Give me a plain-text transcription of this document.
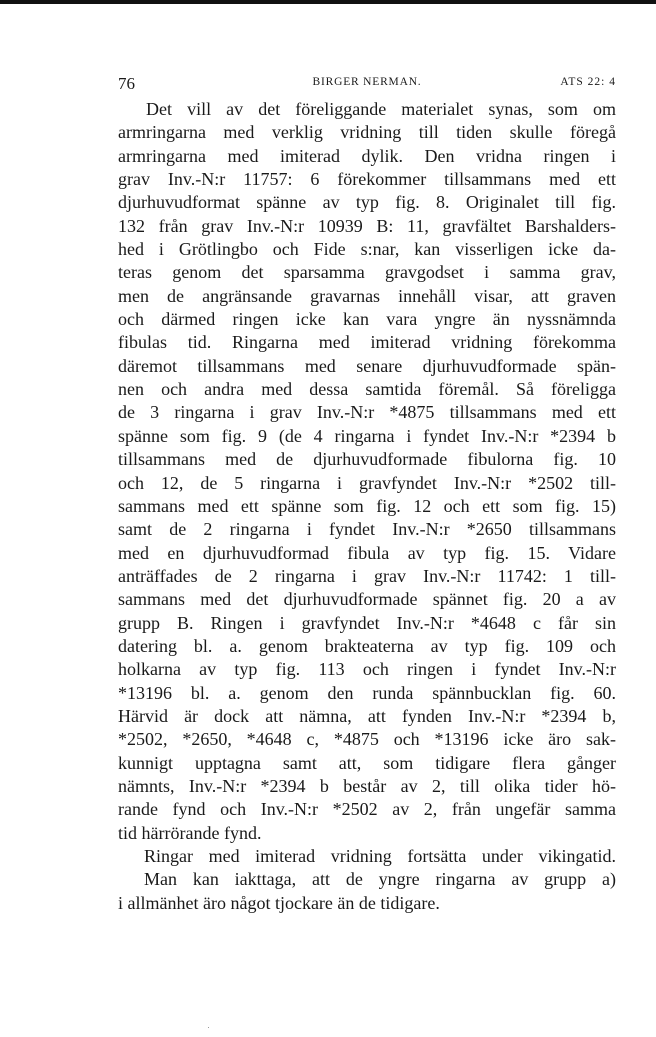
76	BIRGER NERMAN.	ATS 22: 4
Det vill av det föreliggande materialet synas, som om
armringarna med verklig vridning till tiden skulle föregå
armringarna med imiterad dylik. Den vridna ringen i
grav Inv.-N:r 11757: 6 förekommer tillsammans med ett
djurhuvudformat spänne av typ fig. 8. Originalet till fig.
132 från grav Inv.-N:r 10939 B: 11, gravfältet Barshalders-
hed i Grötlingbo och Fide s:nar, kan visserligen icke da-
teras genom det sparsamma gravgodset i samma grav,
men de angränsande gravarnas innehåll visar, att graven
och därmed ringen icke kan vara yngre än nyssnämnda
fibulas tid. Ringarna med imiterad vridning förekomma
däremot tillsammans med senare djurhuvudformade spän-
nen och andra med dessa samtida föremål. Så föreligga
de 3 ringarna i grav Inv.-N:r *4875 tillsammans med ett
spänne som fig. 9 (de 4 ringarna i fyndet Inv.-N:r *2394 b
tillsammans med de djurhuvudformade fibulorna fig. 10
och 12, de 5 ringarna i gravfyndet Inv.-N:r *2502 till-
sammans med ett spänne som fig. 12 och ett som fig. 15)
samt de 2 ringarna i fyndet Inv.-N:r *2650 tillsammans
med en djurhuvudformad fibula av typ fig. 15. Vidare
anträffades de 2 ringarna i grav Inv.-N:r 11742: 1 till-
sammans med det djurhuvudformade spännet fig. 20 a av
grupp B. Ringen i gravfyndet Inv.-N:r *4648 c får sin
datering bl. a. genom brakteaterna av typ fig. 109 och
holkarna av typ fig. 113 och ringen i fyndet Inv.-N:r
*13196 bl. a. genom den runda spännbucklan fig. 60.
Härvid är dock att nämna, att fynden Inv.-N:r *2394 b,
*2502, *2650, *4648 c, *4875 och *13196 icke äro sak-
kunnigt upptagna samt att, som tidigare flera gånger
nämnts, Inv.-N:r *2394 b består av 2, till olika tider hö-
rande fynd och Inv.-N:r *2502 av 2, från ungefär samma
tid härrörande fynd.
Ringar med imiterad vridning fortsätta under vikingatid.
Man kan iakttaga, att de yngre ringarna av grupp a)
i allmänhet äro något tjockare än de tidigare.
